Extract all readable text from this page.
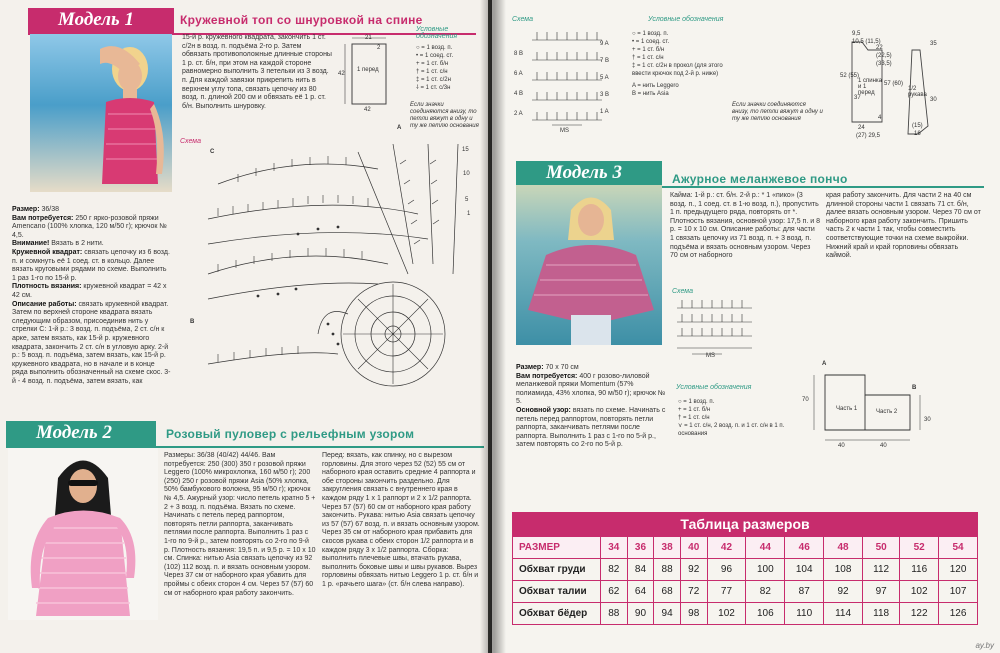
Модель 1	Кружевной топ со шнуровкой на спине
15-й р. кружевного квадрата, закончить 1 ст. с/2н в возд. п. подъёма 2-го р. Затем обвязать противоположные длинные стороны 1 р. ст. б/н, при этом на каждой стороне равномерно выполнить 3 петельки из 3 возд. п. Для каждой завязки прикрепить нить в верхнем углу топа, связать цепочку из 80 возд. п. длиной 200 см и обвязать её 1 р. ст. б/н. Выполнить шнуровку.
21
42
42
2
1 перед
Условные обозначения
○ = 1 возд. п.
• = 1 соед. ст.
+ = 1 ст. б/н
† = 1 ст. с/н
‡ = 1 ст. с/2н
⸸ = 1 ст. с/3н
Если значки соединяются внизу, то петли вяжут в одну и ту же петлю основания
Схема
A
B
C	15
10
5
1
Размер: 36/38
Вам потребуется: 250 г ярко-розовой пряжи Amencano (100% хлопка, 120 м/50 г); крючок № 4,5.
Внимание! Вязать в 2 нити.
Кружевной квадрат: связать цепочку из 6 возд. п. и сомкнуть её 1 соед. ст. в кольцо. Далее вязать круговыми рядами по схеме. Выполнить 1 раз 1-го по 15-й р.
Плотность вязания: кружевной квадрат = 42 x 42 см.
Описание работы: связать кружевной квадрат. Затем по верхней стороне квадрата вязать следующим образом, присоединив нить у стрелки С: 1-й р.: 3 возд. п. подъёма, 2 ст. с/н к арке, затем вязать, как 15-й р. кружевного квадрата, закончить 2 ст. с/н в угловую арку. 2-й р.: 5 возд. п. подъёма, затем вязать, как 15-й р. кружевного квадрата, но в начале и в конце ряда выполнить обозначенный на схеме скос. 3-й - 4 возд. п. подъёма, затем вязать, как
Модель 2	Розовый пуловер с рельефным узором
Размеры: 36/38 (40/42) 44/46. Вам потребуется: 250 (300) 350 г розовой пряжи Leggero (100% микрохлопка, 160 м/50 г); 200 (250) 250 г розовой пряжи Asia (50% хлопка, 50% бамбукового волокна, 95 м/50 г); крючок № 4,5. Ажурный узор: число петель кратно 5 + 2 + 3 возд. п. подъёма. Вязать по схеме. Начинать с петель перед раппортом, повторять петли раппорта, заканчивать петлями после раппорта. Выполнить 1 раз с 1-го по 9-й р., затем повторять со 2-го по 9-й р. Плотность вязания: 19,5 п. и 9,5 р. = 10 x 10 см. Спинка: нитью Asia связать цепочку из 92 (102) 112 возд. п. и вязать основным узором. Через 37 см от наборного края убавить для проймы с обеих сторон 4 см. Через 57 (57) 60 см от наборного края работу закончить.
Перед: вязать, как спинку, но с вырезом горловины. Для этого через 52 (52) 55 см от наборного края оставить средние 4 раппорта и обе стороны закончить раздельно. Для закругления связать с внутреннего края в каждом ряду 1 х 1 раппорт и 2 х 1/2 раппорта. Через 57 (57) 60 см от наборного края работу закончить. Рукава: нитью Asia связать цепочку из 57 (57) 67 возд. п. и вязать основным узором. Через 35 см от наборного края прибавить для скосов рукава с обеих сторон 1/2 раппорта и в каждом ряду 3 х 1/2 раппорта. Сборка: выполнить плечевые швы, втачать рукава, выполнить боковые швы и швы рукавов. Вырез горловины обвязать нитью Leggero 1 р. ст. б/н и 1 р. «рачьего шага» (ст. б/н слева направо).
Схема
8 B
6 A
4 B
2 A
9 A
7 B
5 A
3 B
1 A
МS
Условные обозначения
○ = 1 возд. п.
• = 1 соед. ст.
+ = 1 ст. б/н
† = 1 ст. с/н
‡ = 1 ст. с/2н в прокол (для этого ввести крючок под 2-й р. ниже)
A = нить Leggero
B = нить Asia
Если значки соединяются внизу, то петли вяжут в одну и ту же петлю основания
9,5
10,5 (11,5)
22
(22,5)
(33,5)
52 (55)
37
57 (60)
4
24
(27) 29,5
1 спинка и 1 перед
1/2 рукава
35
30
(15)
16
Модель 3	Ажурное меланжевое пончо
Кайма: 1-й р.: ст. б/н. 2-й р.: * 1 «пико» (3 возд. п., 1 соед. ст. в 1-ю возд. п.), пропустить 1 п. предыдущего ряда, повторять от *. Плотность вязания, основной узор: 17,5 п. и 8 р. = 10 x 10 см. Описание работы: для части 1 связать цепочку из 71 возд. п. + 3 возд. п. подъёма и вязать основным узором. Через 70 см от наборного
края работу закончить. Для части 2 на 40 см длинной стороны части 1 связать 71 ст. б/н, далее вязать основным узором. Через 70 см от наборного края работу закончить. Пришить часть 2 к части 1 так, чтобы совместить соответствующие точки на схеме выкройки. Нижний край и край горловины обвязать каймой.
Схема
МS
Размер: 70 x 70 см
Вам потребуется: 400 г розово-лиловой меланжевой пряжи Momentum (57% полиамида, 43% хлопка, 90 м/50 г); крючок № 5.
Основной узор: вязать по схеме. Начинать с петель перед раппортом, повторять петли раппорта, заканчивать петлями после раппорта. Выполнить 1 раз с 1-го по 5-й р., затем повторять со 2-го по 5-й р.
Условные обозначения
○ = 1 возд. п.
+ = 1 ст. б/н
† = 1 ст. с/н
⋎ = 1 ст. с/н, 2 возд. п. и 1 ст. с/н в 1 п. основания
Часть 1	Часть 2
70
40	40
30
A
B
Таблица размеров
РАЗМЕР	34	36	38	40	42	44	46	48	50	52	54
Обхват груди	82	84	88	92	96	100	104	108	112	116	120
Обхват талии	62	64	68	72	77	82	87	92	97	102	107
Обхват бёдер	88	90	94	98	102	106	110	114	118	122	126
ay.by
